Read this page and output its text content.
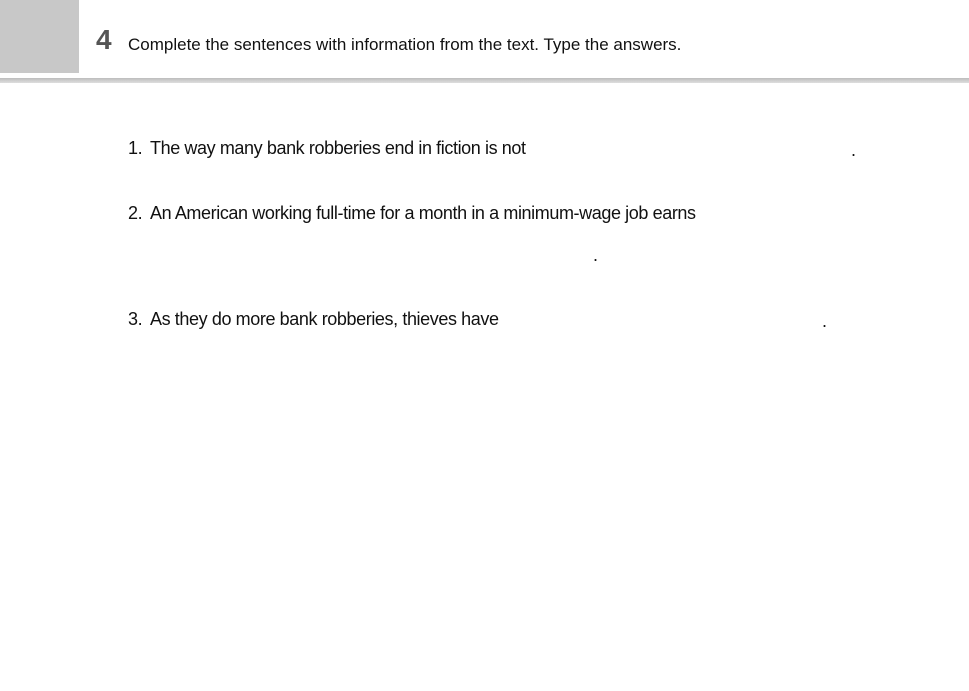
4 Complete the sentences with information from the text. Type the answers.
1. The way many bank robberies end in fiction is not	.
2. An American working full-time for a month in a minimum-wage job earns
.
3. As they do more bank robberies, thieves have	.
